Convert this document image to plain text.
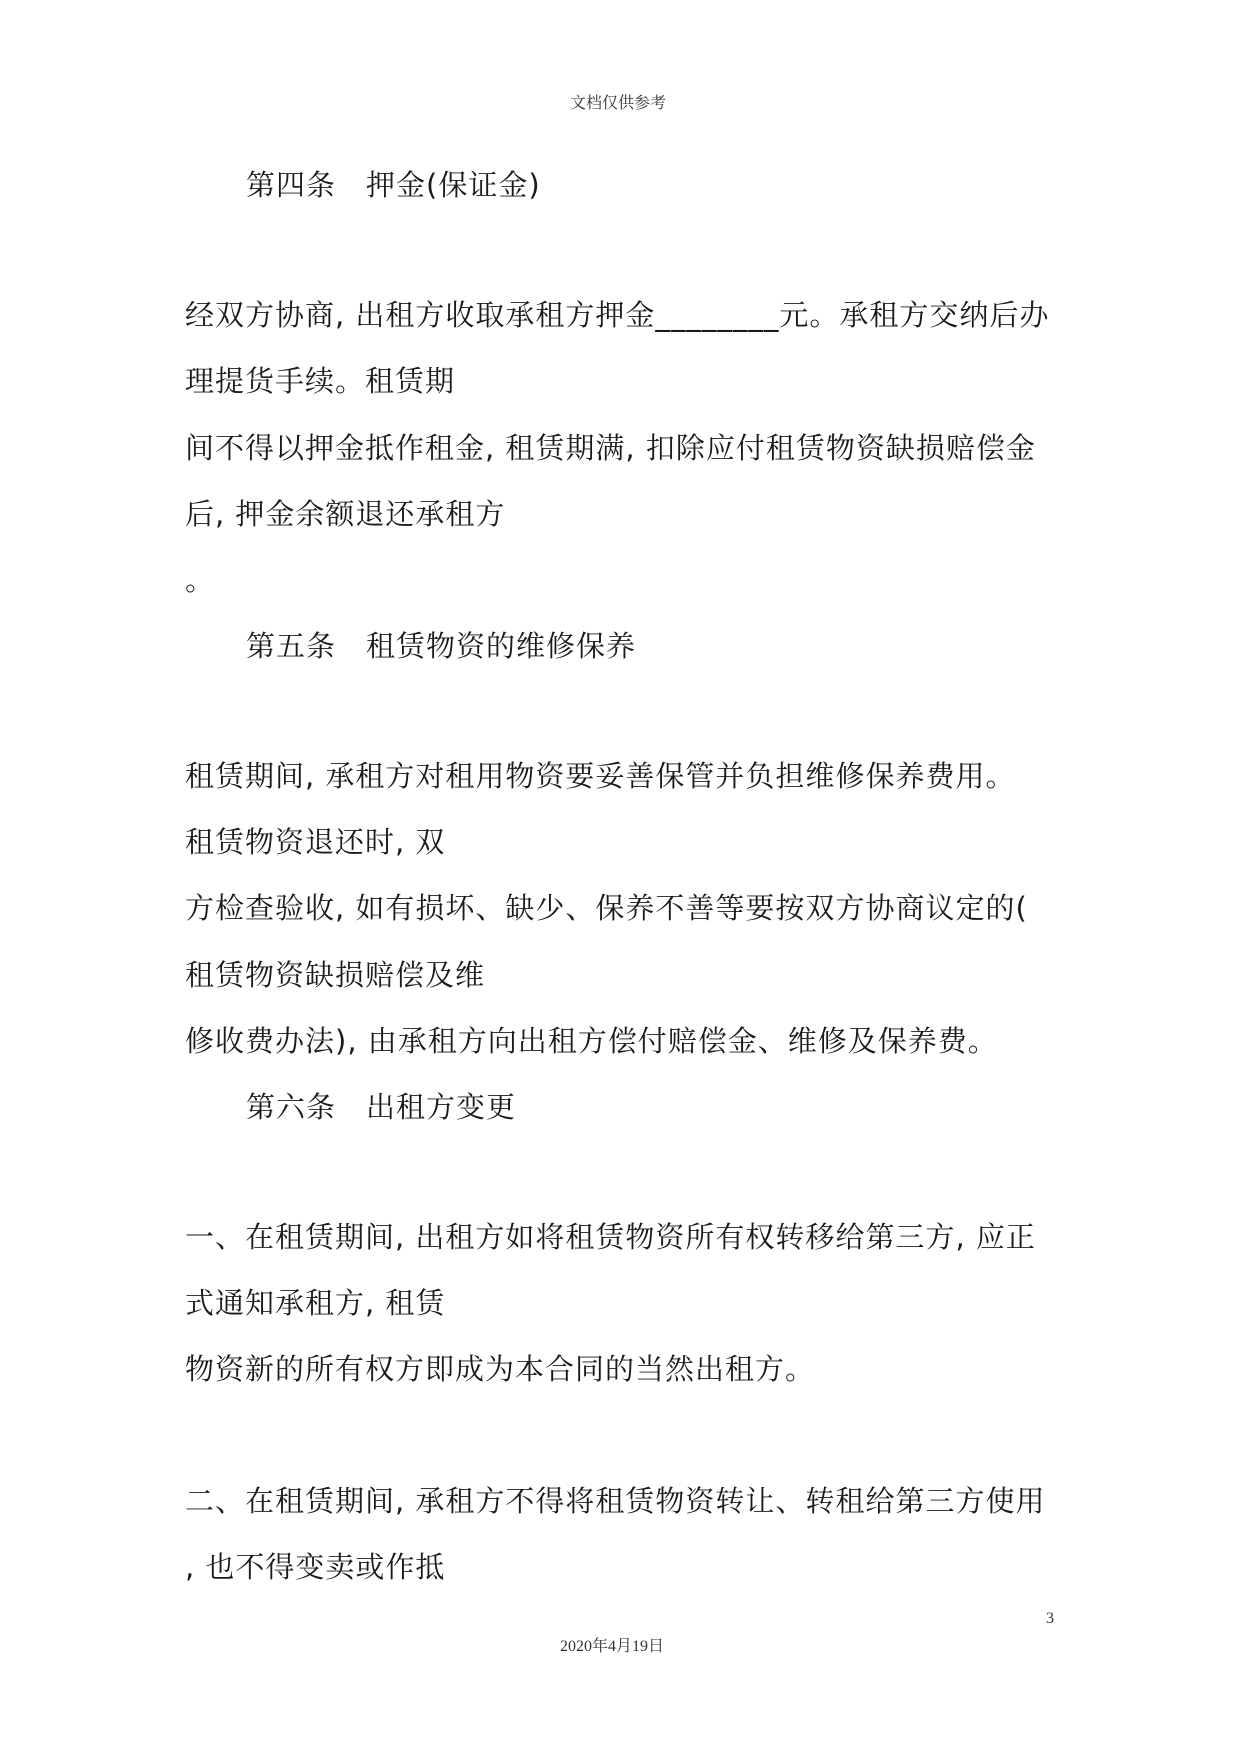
文档仅供参考
第四条　押金(保证金)
经双方协商, 出租方收取承租方押金________元。承租方交纳后办
理提货手续。租赁期
间不得以押金抵作租金, 租赁期满, 扣除应付租赁物资缺损赔偿金
后, 押金余额退还承租方
。
第五条　租赁物资的维修保养
租赁期间, 承租方对租用物资要妥善保管并负担维修保养费用。
租赁物资退还时, 双
方检查验收, 如有损坏、缺少、保养不善等要按双方协商议定的(
租赁物资缺损赔偿及维
修收费办法), 由承租方向出租方偿付赔偿金、维修及保养费。
第六条　出租方变更
一、在租赁期间, 出租方如将租赁物资所有权转移给第三方, 应正
式通知承租方, 租赁
物资新的所有权方即成为本合同的当然出租方。
二、在租赁期间, 承租方不得将租赁物资转让、转租给第三方使用
, 也不得变卖或作抵
3
2020年4月19日
